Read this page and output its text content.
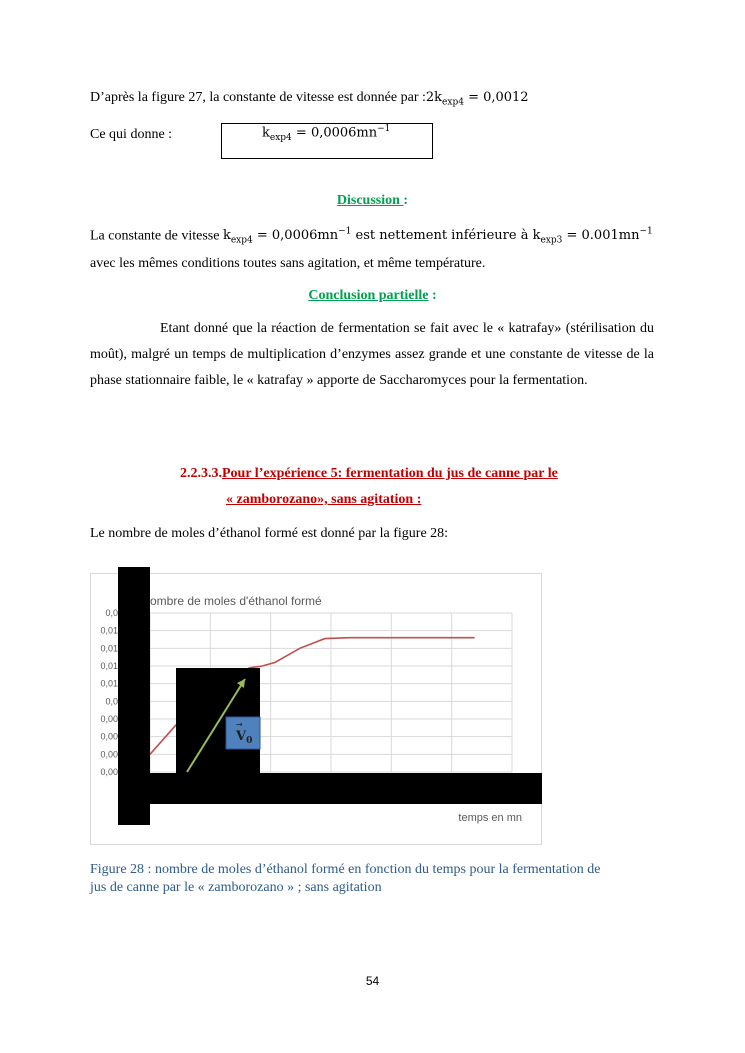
D’après la figure 27, la constante de vitesse est donnée par $:2k_{exp4} = 0,0012$
Ce qui donne :	$k_{exp4} = 0,0006mn^{-1}$
Discussion :
La constante de vitesse $k_{exp4} = 0,0006mn^{-1}$ est nettement inférieure à $k_{exp3} = 0.001mn^{-1}$
avec les mêmes conditions toutes sans agitation, et même température.
Conclusion partielle :
Etant donné que la réaction de fermentation se fait avec le « katrafay» (stérilisation du moût), malgré un temps de multiplication d’enzymes assez grande et une constante de vitesse de la phase stationnaire faible, le « katrafay » apporte de Saccharomyces pour la fermentation.
2.2.3.3.Pour l’expérience 5: fermentation du jus de canne par le
« zamborozano», sans agitation :
Le nombre de moles d’éthanol formé est donné par la figure 28:
ombre de moles d'éthanol formé
0,0
0,01
0,01
0,01
0,01
0,0
0,00
0,00
0,00
0,00
$V_0$
→
temps en mn
Figure 28 : nombre de moles d’éthanol formé en fonction du temps pour la fermentation de
jus de canne par le « zamborozano » ; sans agitation
54
